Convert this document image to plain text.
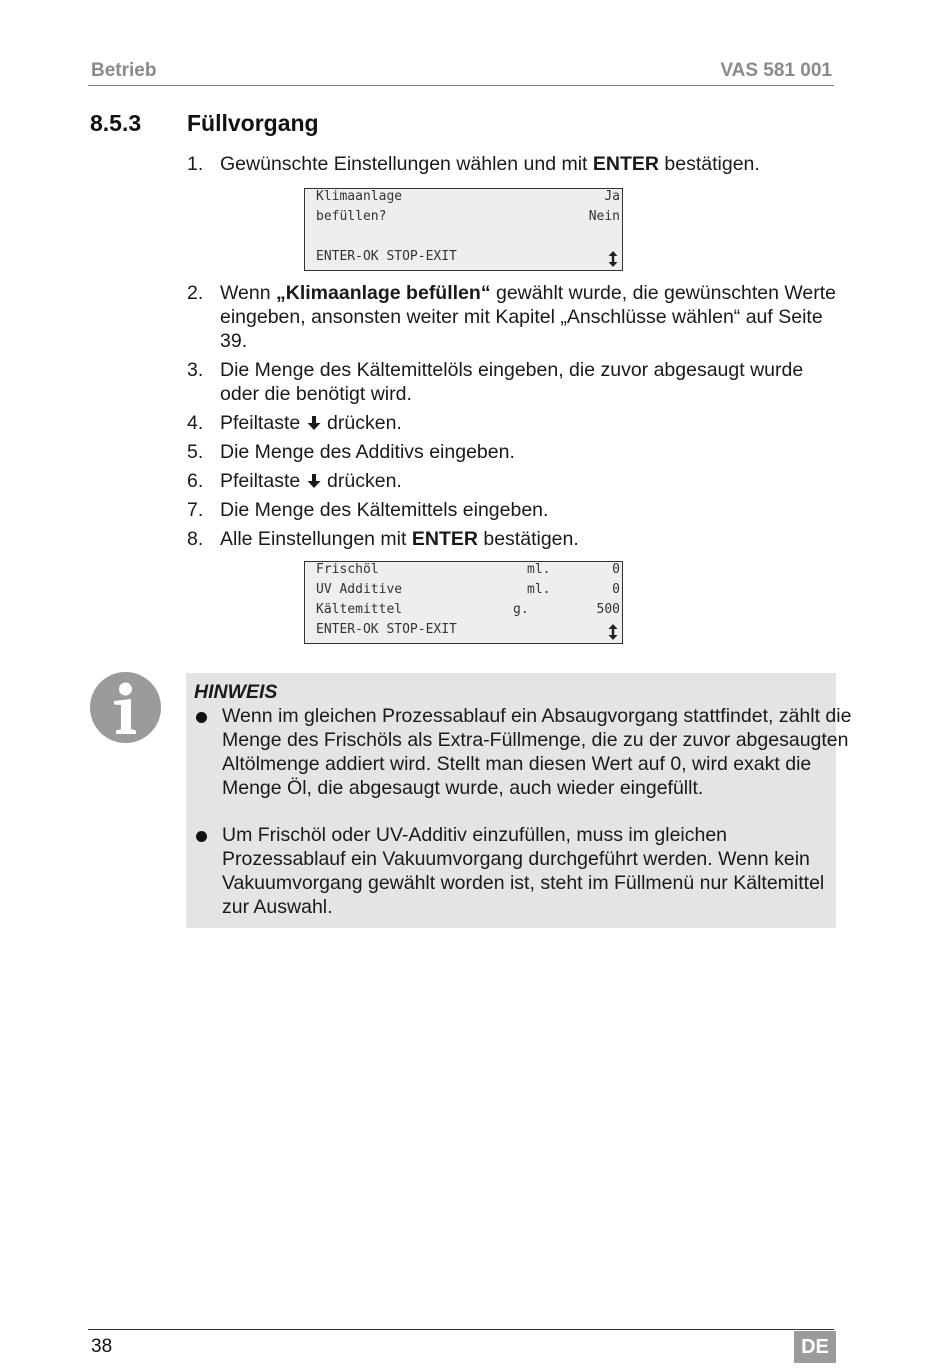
Betrieb	VAS 581 001
8.5.3 Füllvorgang
1. Gewünschte Einstellungen wählen und mit ENTER bestätigen.
Klimaanlage	Ja
befüllen?	Nein
ENTER-OK STOP-EXIT
2. Wenn „Klimaanlage befüllen“ gewählt wurde, die gewünschten Werte eingeben, ansonsten weiter mit Kapitel „Anschlüsse wählen“ auf Seite 39.
3. Die Menge des Kältemittelöls eingeben, die zuvor abgesaugt wurde oder die benötigt wird.
4. Pfeiltaste  drücken.
5. Die Menge des Additivs eingeben.
6. Pfeiltaste  drücken.
7. Die Menge des Kältemittels eingeben.
8. Alle Einstellungen mit ENTER bestätigen.
Frischöl	ml.	0
UV Additive	ml.	0
Kältemittel	g.	500
ENTER-OK STOP-EXIT
HINWEIS
Wenn im gleichen Prozessablauf ein Absaugvorgang stattfindet, zählt die Menge des Frischöls als Extra-Füllmenge, die zu der zuvor abgesaugten Altölmenge addiert wird. Stellt man diesen Wert auf 0, wird exakt die Menge Öl, die abgesaugt wurde, auch wieder eingefüllt.
Um Frischöl oder UV-Additiv einzufüllen, muss im gleichen Prozessablauf ein Vakuumvorgang durchgeführt werden. Wenn kein Vakuumvorgang gewählt worden ist, steht im Füllmenü nur Kältemittel zur Auswahl.
38	DE
